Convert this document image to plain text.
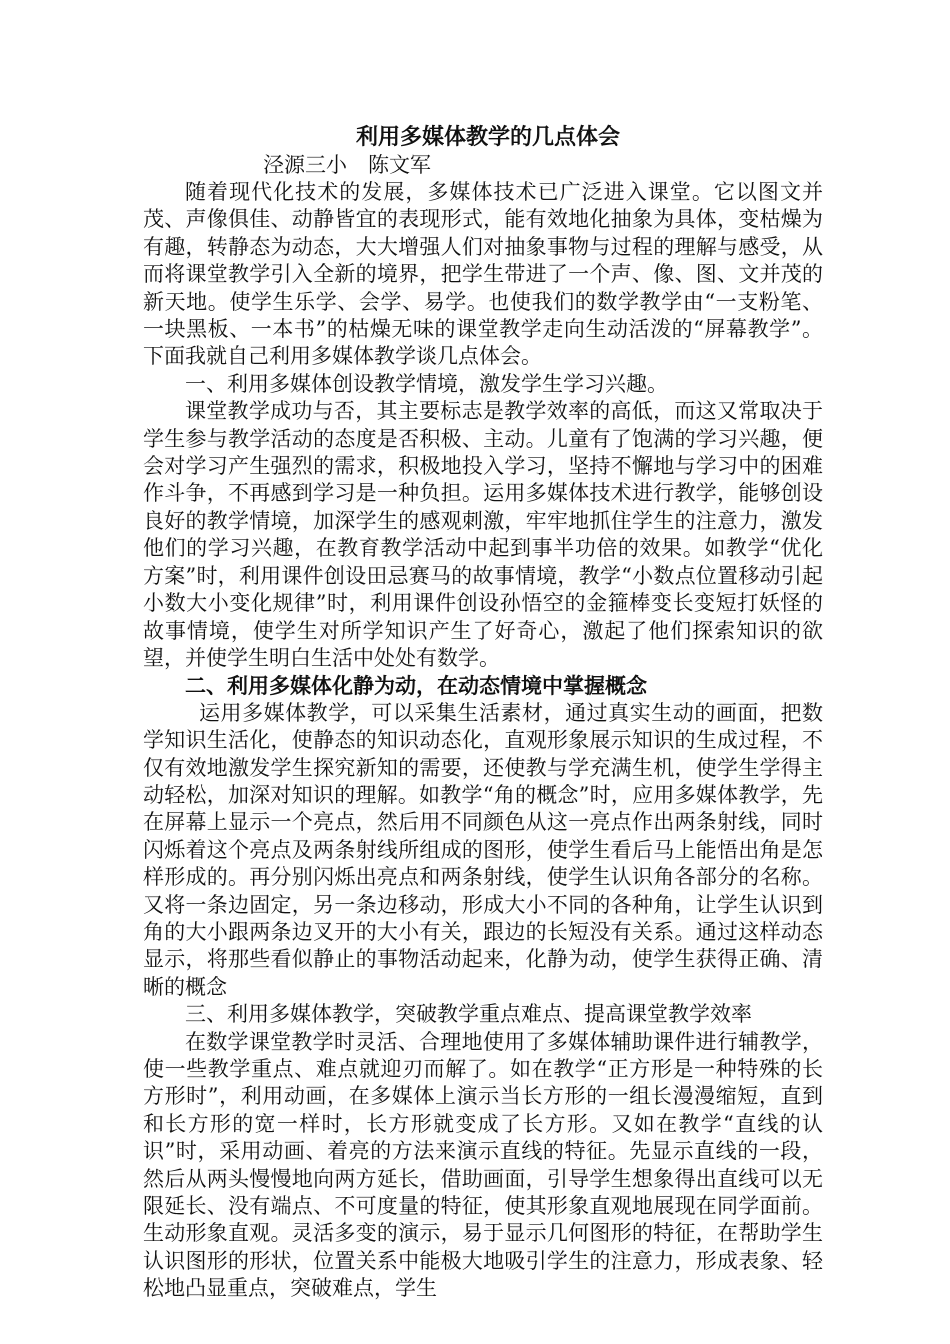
利用多媒体教学的几点体会

泾源三小　陈文军

随着现代化技术的发展，多媒体技术已广泛进入课堂。它以图文并茂、声像俱佳、动静皆宜的表现形式，能有效地化抽象为具体，变枯燥为有趣，转静态为动态，大大增强人们对抽象事物与过程的理解与感受，从而将课堂教学引入全新的境界，把学生带进了一个声、像、图、文并茂的新天地。使学生乐学、会学、易学。也使我们的数学教学由“一支粉笔、一块黑板、一本书”的枯燥无味的课堂教学走向生动活泼的“屏幕教学”。下面我就自己利用多媒体教学谈几点体会。

一、利用多媒体创设教学情境，激发学生学习兴趣。

课堂教学成功与否，其主要标志是教学效率的高低，而这又常取决于学生参与教学活动的态度是否积极、主动。儿童有了饱满的学习兴趣，便会对学习产生强烈的需求，积极地投入学习，坚持不懈地与学习中的困难作斗争，不再感到学习是一种负担。运用多媒体技术进行教学，能够创设良好的教学情境，加深学生的感观刺激，牢牢地抓住学生的注意力，激发他们的学习兴趣，在教育教学活动中起到事半功倍的效果。如教学“优化方案”时，利用课件创设田忌赛马的故事情境，教学“小数点位置移动引起小数大小变化规律”时，利用课件创设孙悟空的金箍棒变长变短打妖怪的故事情境，使学生对所学知识产生了好奇心，激起了他们探索知识的欲望，并使学生明白生活中处处有数学。

二、利用多媒体化静为动，在动态情境中掌握概念

运用多媒体教学，可以采集生活素材，通过真实生动的画面，把数学知识生活化，使静态的知识动态化，直观形象展示知识的生成过程，不仅有效地激发学生探究新知的需要，还使教与学充满生机，使学生学得主动轻松，加深对知识的理解。如教学“角的概念”时，应用多媒体教学，先在屏幕上显示一个亮点，然后用不同颜色从这一亮点作出两条射线，同时闪烁着这个亮点及两条射线所组成的图形，使学生看后马上能悟出角是怎样形成的。再分别闪烁出亮点和两条射线，使学生认识角各部分的名称。又将一条边固定，另一条边移动，形成大小不同的各种角，让学生认识到角的大小跟两条边叉开的大小有关，跟边的长短没有关系。通过这样动态显示，将那些看似静止的事物活动起来，化静为动，使学生获得正确、清晰的概念

三、利用多媒体教学，突破教学重点难点、提高课堂教学效率

在数学课堂教学时灵活、合理地使用了多媒体辅助课件进行辅教学，使一些教学重点、难点就迎刃而解了。如在教学“正方形是一种特殊的长方形时”，利用动画，在多媒体上演示当长方形的一组长漫漫缩短，直到和长方形的宽一样时，长方形就变成了长方形。又如在教学“直线的认识”时，采用动画、着亮的方法来演示直线的特征。先显示直线的一段，然后从两头慢慢地向两方延长，借助画面，引导学生想象得出直线可以无限延长、没有端点、不可度量的特征，使其形象直观地展现在同学面前。生动形象直观。灵活多变的演示，易于显示几何图形的特征，在帮助学生认识图形的形状，位置关系中能极大地吸引学生的注意力，形成表象、轻松地凸显重点，突破难点，学生
